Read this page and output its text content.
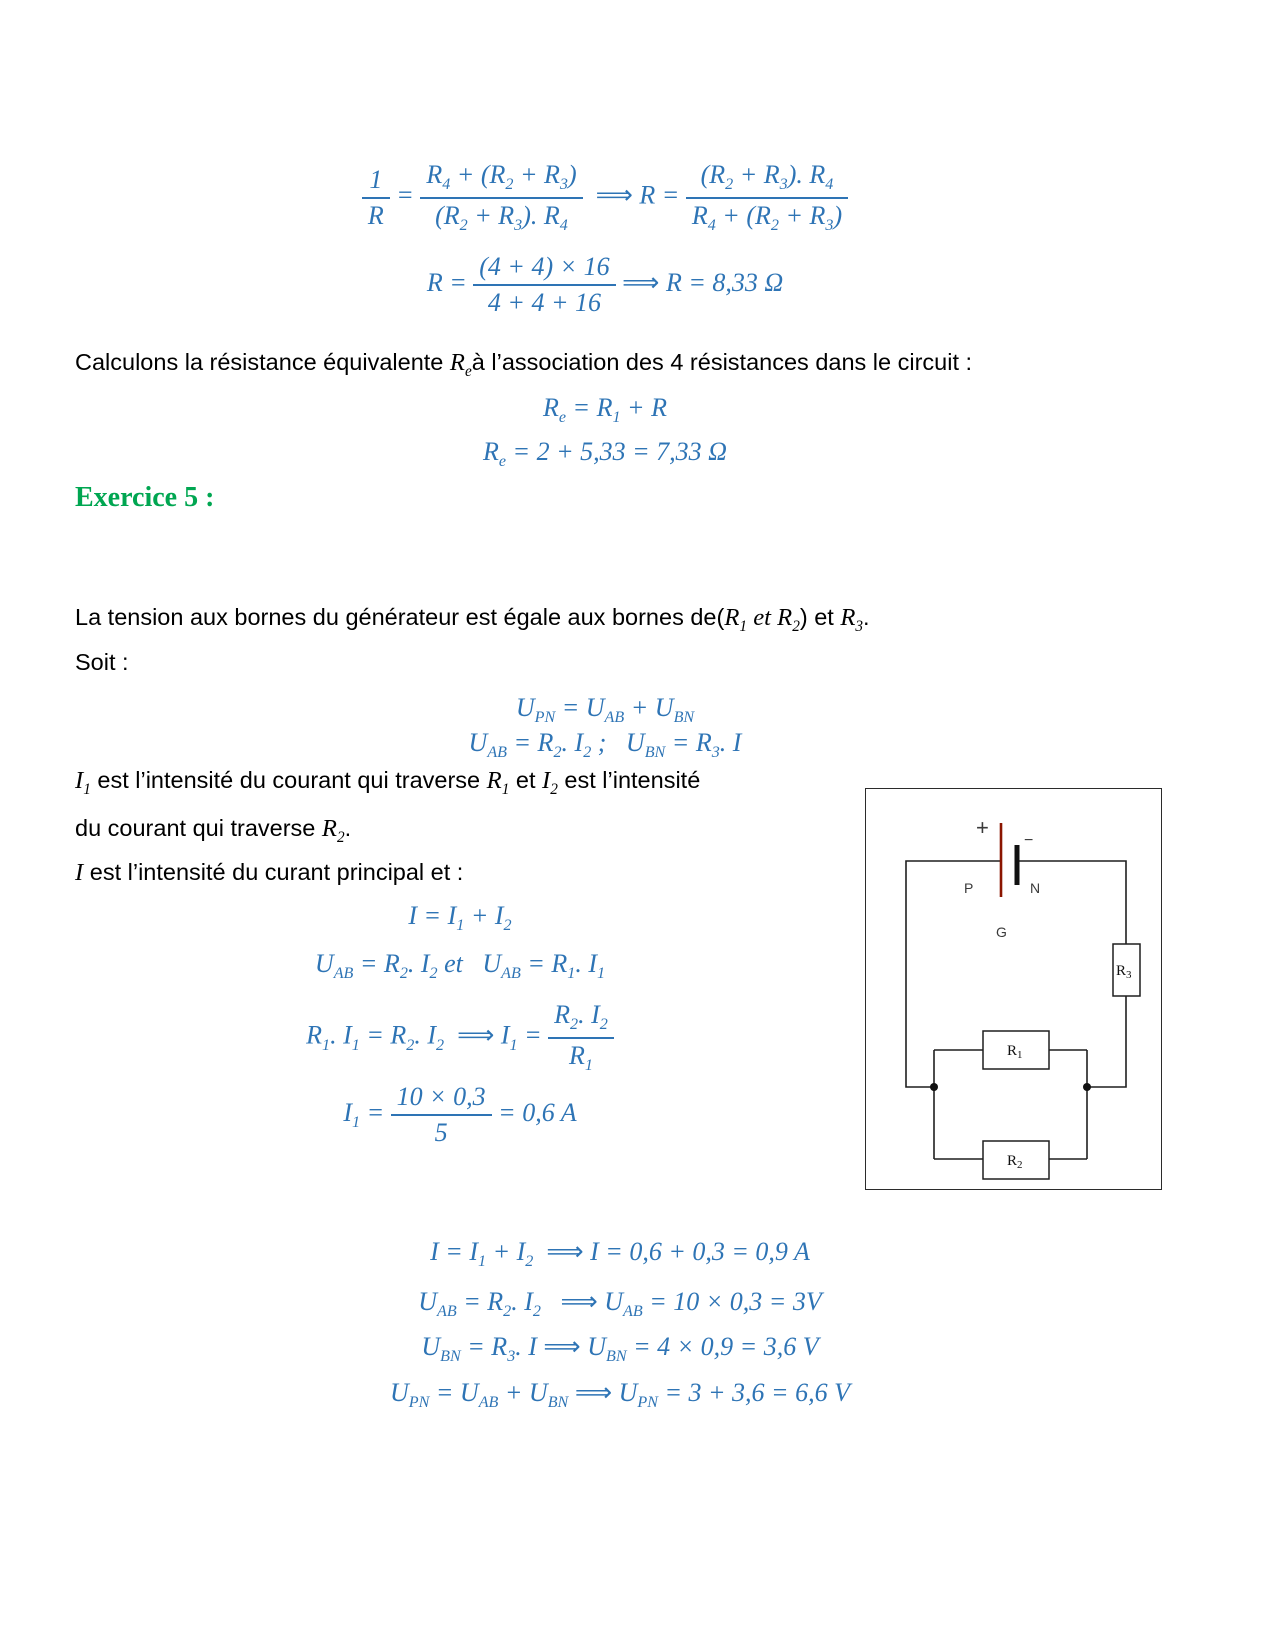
$\frac{1}{R} = \frac{R_4 + (R_2 + R_3)}{(R_2 + R_3). R_4}$ ⟹ $R = \frac{(R_2 + R_3). R_4}{R_4 + (R_2 + R_3)}$
$R = \frac{(4 + 4) \times 16}{4 + 4 + 16}$ ⟹ R = 8,33 Ω
Calculons la résistance équivalente $R_eà$ l’association des 4 résistances dans le circuit :
$R_e = R_1 + R$
$R_e = 2 + 5,33 = 7,33$ Ω
Exercice 5 :
La tension aux bornes du générateur est égale aux bornes $de(R_1$ et $R_2$) et $R_3$.
Soit :
$U_{PN} = U_{AB} + U_{BN}$
$U_{AB} = R_2$. $I_2$ ;   $U_{BN} = R_3$. I
$I_1$ est l’intensité du courant qui traverse $R_1$ et $I_2$ est l’intensité
du courant qui traverse $R_2$.
I est l’intensité du curant principal et :
$I = I_1 + I_2$
$U_{AB} = R_2$. $I_2$ et   $U_{AB} = R_1$. $I_1$
$R_1$. $I_1 = R_2$. $I_2$ ⟹ $I_1 = \frac{R_2. I_2}{R_1}$
$I_1 = \frac{10 \times 0,3}{5} = 0,6$ A
+
−
P	N
G
$R_1$
$R_2$
$R_3$
$I = I_1 + I_2$ ⟹ I = 0,6 + 0,3 = 0,9 A
$U_{AB} = R_2$. $I_2$ ⟹ $U_{AB} = 10 \times 0,3 = 3V$
$U_{BN} = R_3$. I ⟹ $U_{BN} = 4 \times 0,9 = 3,6$ V
$U_{PN} = U_{AB} + U_{BN}$ ⟹ $U_{PN} = 3 + 3,6 = 6,6$ V
